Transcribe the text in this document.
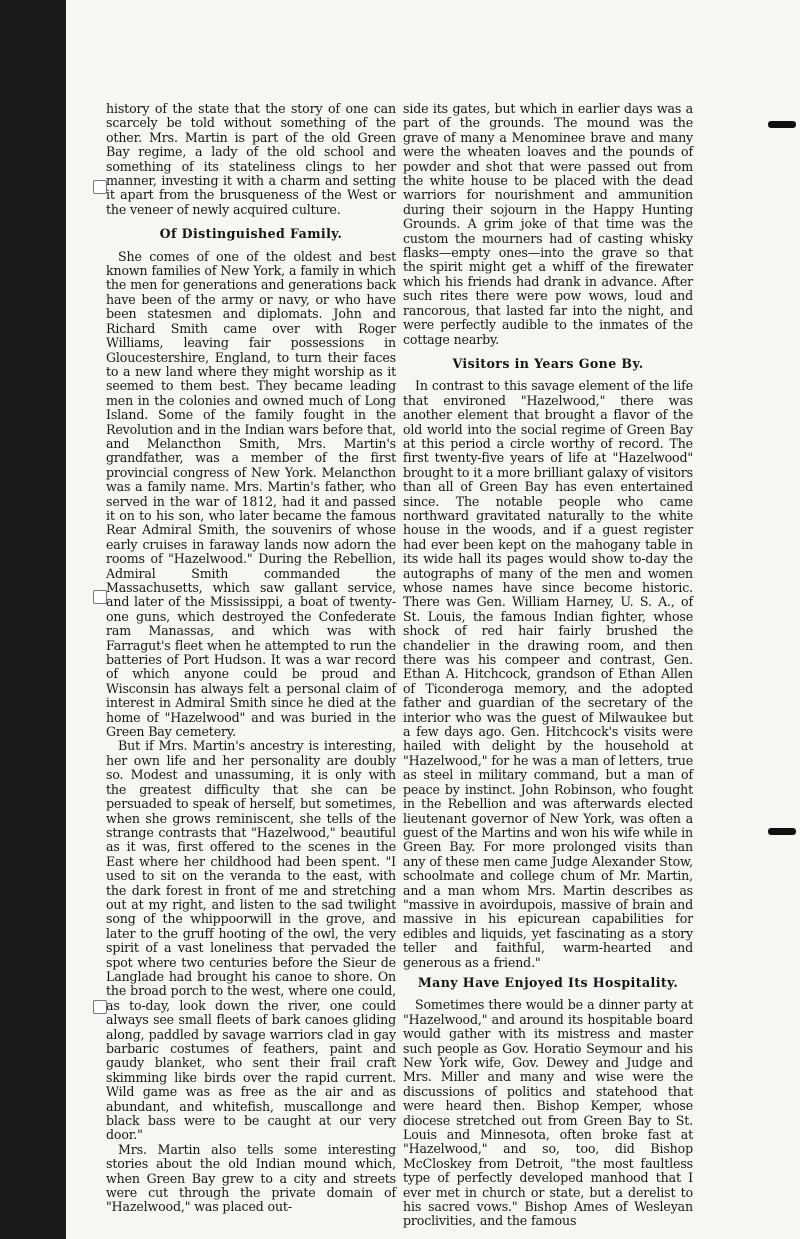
history of the state that the story of one can scarcely be told without something of the other. Mrs. Martin is part of the old Green Bay regime, a lady of the old school and something of its stateliness clings to her manner, investing it with a charm and setting it apart from the brusqueness of the West or the veneer of newly acquired culture.

Of Distinguished Family.

She comes of one of the oldest and best known families of New York, a family in which the men for generations and generations back have been of the army or navy, or who have been statesmen and diplomats. John and Richard Smith came over with Roger Williams, leaving fair possessions in Gloucestershire, England, to turn their faces to a new land where they might worship as it seemed to them best. They became leading men in the colonies and owned much of Long Island. Some of the family fought in the Revolution and in the Indian wars before that, and Melancthon Smith, Mrs. Martin's grandfather, was a member of the first provincial congress of New York. Melancthon was a family name. Mrs. Martin's father, who served in the war of 1812, had it and passed it on to his son, who later became the famous Rear Admiral Smith, the souvenirs of whose early cruises in faraway lands now adorn the rooms of "Hazelwood." During the Rebellion, Admiral Smith commanded the Massachusetts, which saw gallant service, and later of the Mississippi, a boat of twenty-one guns, which destroyed the Confederate ram Manassas, and which was with Farragut's fleet when he attempted to run the batteries of Port Hudson. It was a war record of which anyone could be proud and Wisconsin has always felt a personal claim of interest in Admiral Smith since he died at the home of "Hazelwood" and was buried in the Green Bay cemetery.

But if Mrs. Martin's ancestry is interesting, her own life and her personality are doubly so. Modest and unassuming, it is only with the greatest difficulty that she can be persuaded to speak of herself, but sometimes, when she grows reminiscent, she tells of the strange contrasts that "Hazelwood," beautiful as it was, first offered to the scenes in the East where her childhood had been spent. "I used to sit on the veranda to the east, with the dark forest in front of me and stretching out at my right, and listen to the sad twilight song of the whippoorwill in the grove, and later to the gruff hooting of the owl, the very spirit of a vast loneliness that pervaded the spot where two centuries before the Sieur de Langlade had brought his canoe to shore. On the broad porch to the west, where one could, as to-day, look down the river, one could always see small fleets of bark canoes gliding along, paddled by savage warriors clad in gay barbaric costumes of feathers, paint and gaudy blanket, who sent their frail craft skimming like birds over the rapid current. Wild game was as free as the air and as abundant, and whitefish, muscallonge and black bass were to be caught at our very door."

Mrs. Martin also tells some interesting stories about the old Indian mound which, when Green Bay grew to a city and streets were cut through the private domain of "Hazelwood," was placed out-

side its gates, but which in earlier days was a part of the grounds. The mound was the grave of many a Menominee brave and many were the wheaten loaves and the pounds of powder and shot that were passed out from the white house to be placed with the dead warriors for nourishment and ammunition during their sojourn in the Happy Hunting Grounds. A grim joke of that time was the custom the mourners had of casting whisky flasks—empty ones—into the grave so that the spirit might get a whiff of the firewater which his friends had drank in advance. After such rites there were pow wows, loud and rancorous, that lasted far into the night, and were perfectly audible to the inmates of the cottage nearby.

Visitors in Years Gone By.

In contrast to this savage element of the life that environed "Hazelwood," there was another element that brought a flavor of the old world into the social regime of Green Bay at this period a circle worthy of record. The first twenty-five years of life at "Hazelwood" brought to it a more brilliant galaxy of visitors than all of Green Bay has even entertained since. The notable people who came northward gravitated naturally to the white house in the woods, and if a guest register had ever been kept on the mahogany table in its wide hall its pages would show to-day the autographs of many of the men and women whose names have since become historic. There was Gen. William Harney, U. S. A., of St. Louis, the famous Indian fighter, whose shock of red hair fairly brushed the chandelier in the drawing room, and then there was his compeer and contrast, Gen. Ethan A. Hitchcock, grandson of Ethan Allen of Ticonderoga memory, and the adopted father and guardian of the secretary of the interior who was the guest of Milwaukee but a few days ago. Gen. Hitchcock's visits were hailed with delight by the household at "Hazelwood," for he was a man of letters, true as steel in military command, but a man of peace by instinct. John Robinson, who fought in the Rebellion and was afterwards elected lieutenant governor of New York, was often a guest of the Martins and won his wife while in Green Bay. For more prolonged visits than any of these men came Judge Alexander Stow, schoolmate and college chum of Mr. Martin, and a man whom Mrs. Martin describes as "massive in avoirdupois, massive of brain and massive in his epicurean capabilities for edibles and liquids, yet fascinating as a story teller and faithful, warm-hearted and generous as a friend."

Many Have Enjoyed Its Hospitality.

Sometimes there would be a dinner party at "Hazelwood," and around its hospitable board would gather with its mistress and master such people as Gov. Horatio Seymour and his New York wife, Gov. Dewey and Judge and Mrs. Miller and many and wise were the discussions of politics and statehood that were heard then. Bishop Kemper, whose diocese stretched out from Green Bay to St. Louis and Minnesota, often broke fast at "Hazelwood," and so, too, did Bishop McCloskey from Detroit, "the most faultless type of perfectly developed manhood that I ever met in church or state, but a derelist to his sacred vows." Bishop Ames of Wesleyan proclivities, and the famous
